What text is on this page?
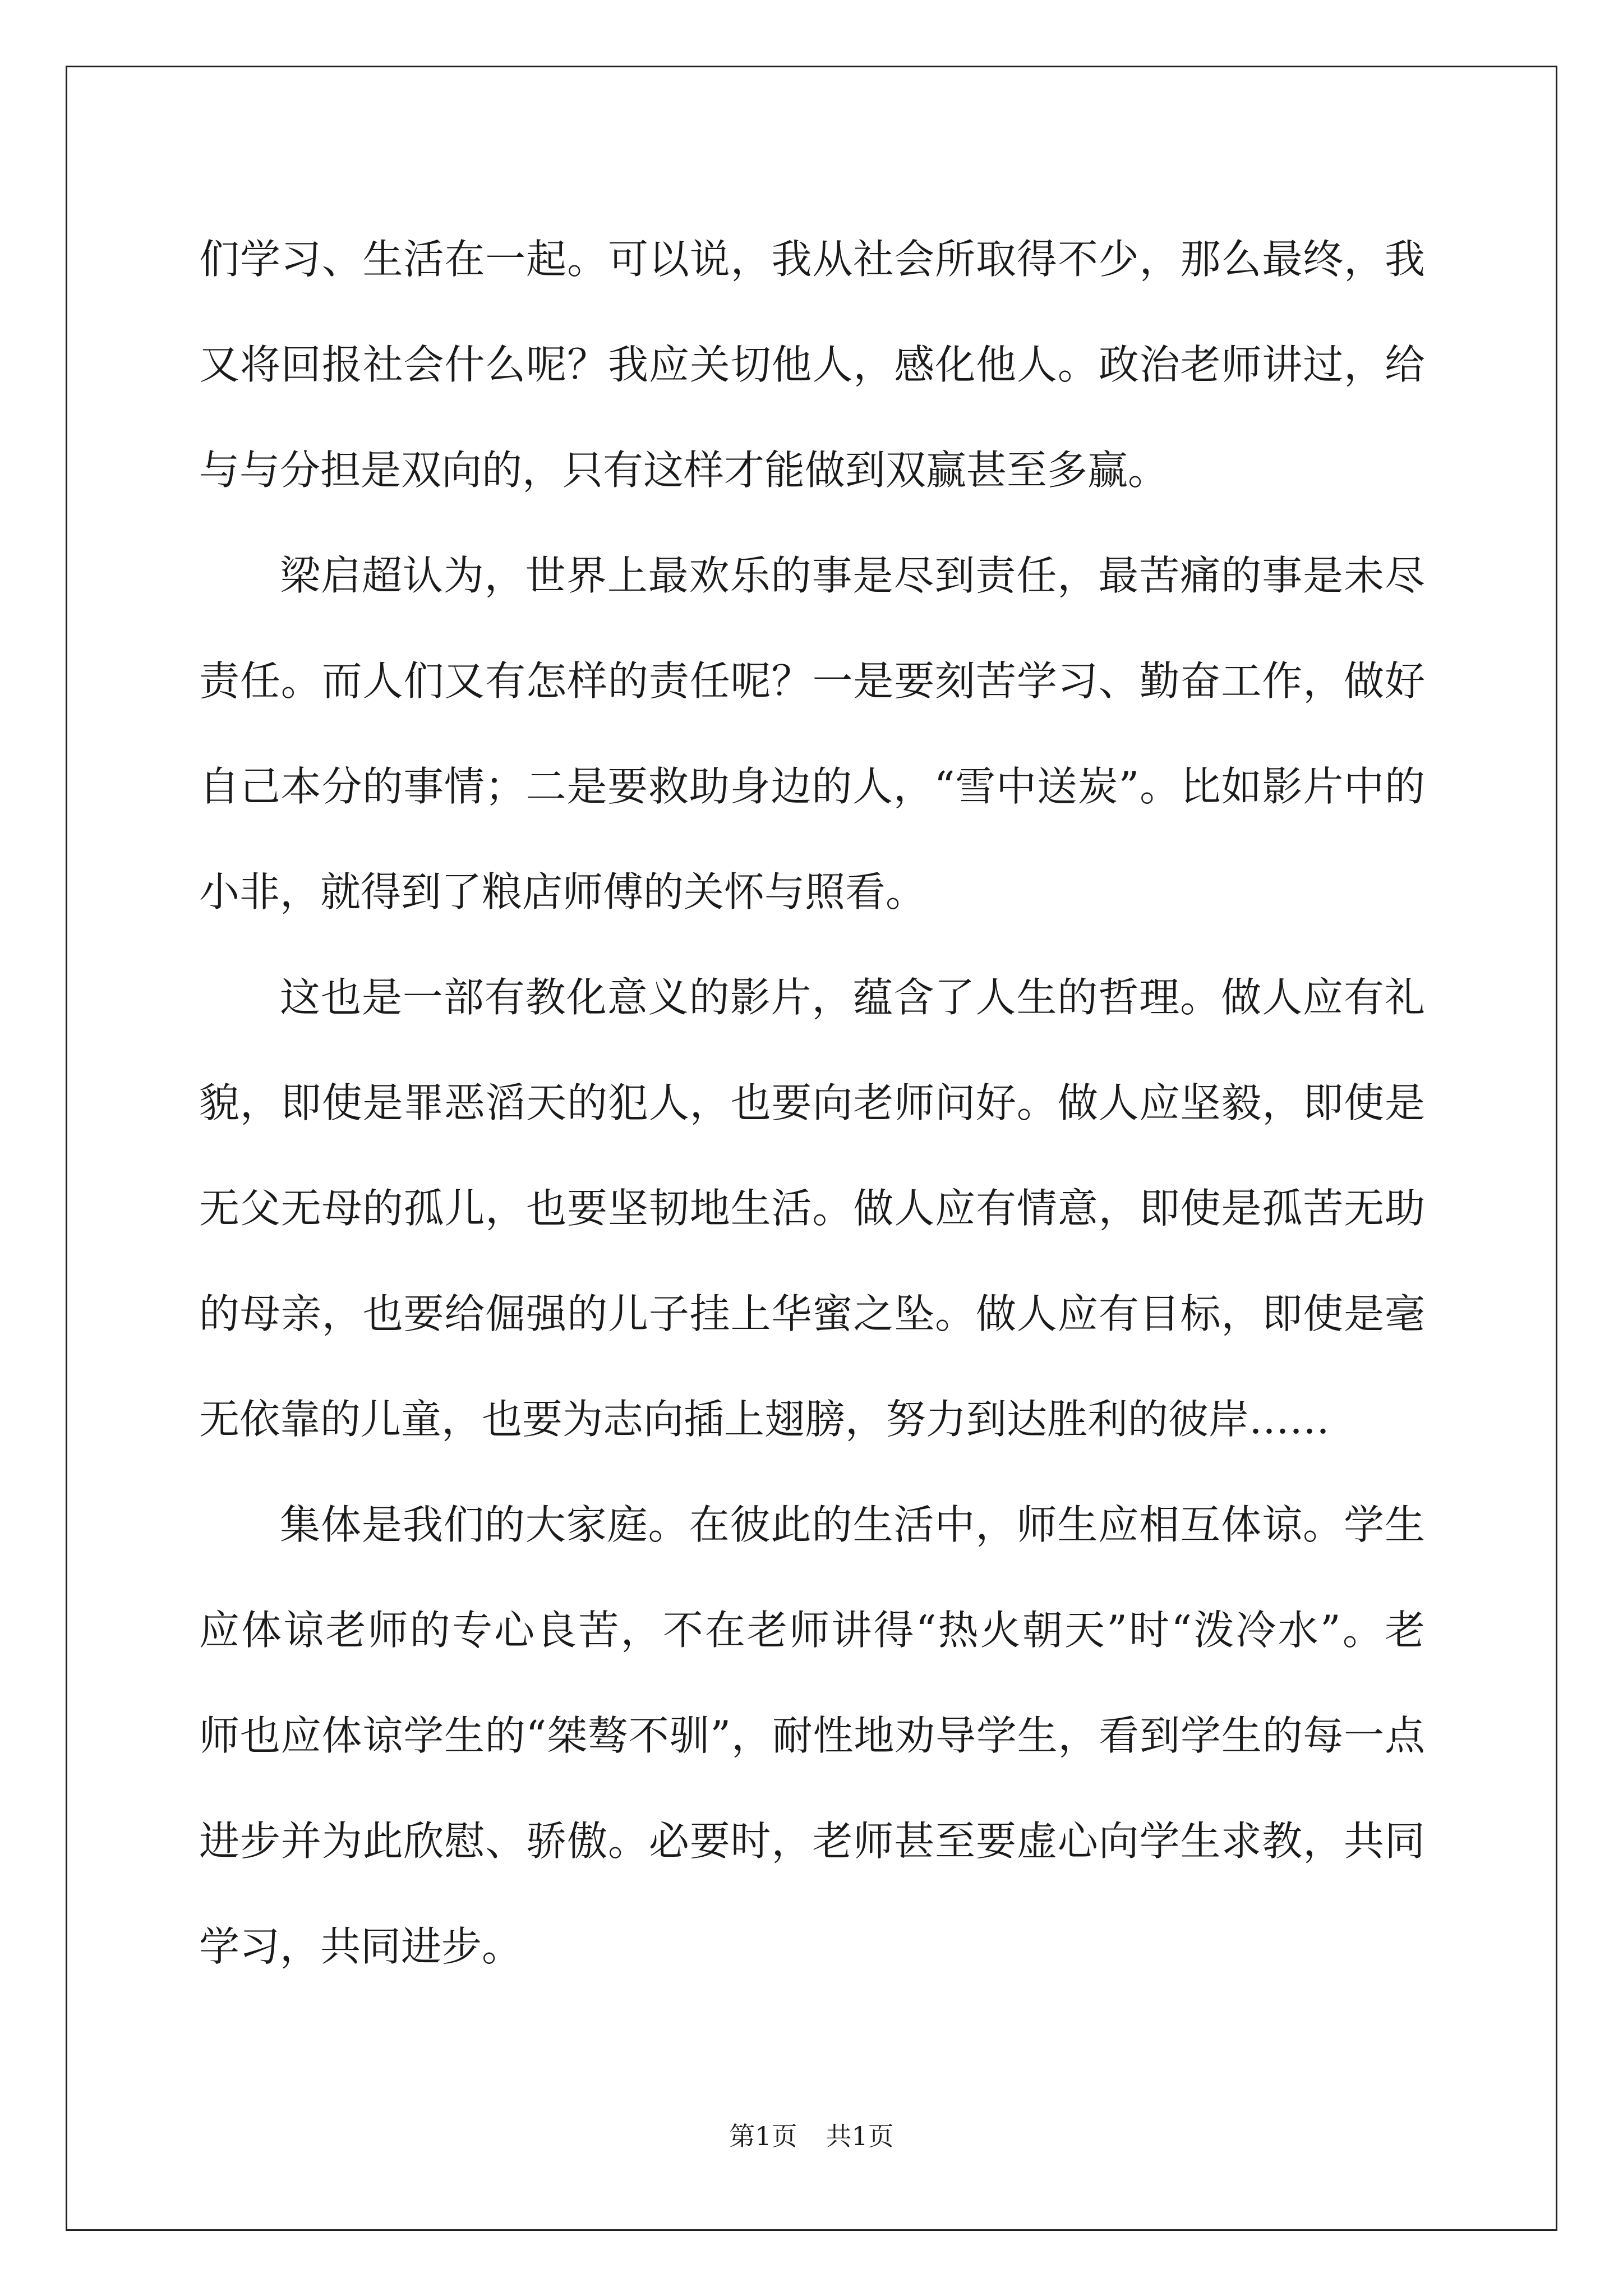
们学习、生活在一起。可以说，我从社会所取得不少，那么最终，我
又将回报社会什么呢？我应关切他人，感化他人。政治老师讲过，给
与与分担是双向的，只有这样才能做到双赢甚至多赢。
梁启超认为，世界上最欢乐的事是尽到责任，最苦痛的事是未尽
责任。而人们又有怎样的责任呢？一是要刻苦学习、勤奋工作，做好
自己本分的事情；二是要救助身边的人，“雪中送炭”。比如影片中的
小非，就得到了粮店师傅的关怀与照看。
这也是一部有教化意义的影片，蕴含了人生的哲理。做人应有礼
貌，即使是罪恶滔天的犯人，也要向老师问好。做人应坚毅，即使是
无父无母的孤儿，也要坚韧地生活。做人应有情意，即使是孤苦无助
的母亲，也要给倔强的儿子挂上华蜜之坠。做人应有目标，即使是毫
无依靠的儿童，也要为志向插上翅膀，努力到达胜利的彼岸……
集体是我们的大家庭。在彼此的生活中，师生应相互体谅。学生
应体谅老师的专心良苦，不在老师讲得“热火朝天”时“泼冷水”。老
师也应体谅学生的“桀骜不驯”，耐性地劝导学生，看到学生的每一点
进步并为此欣慰、骄傲。必要时，老师甚至要虚心向学生求教，共同
学习，共同进步。
第1页 共1页
